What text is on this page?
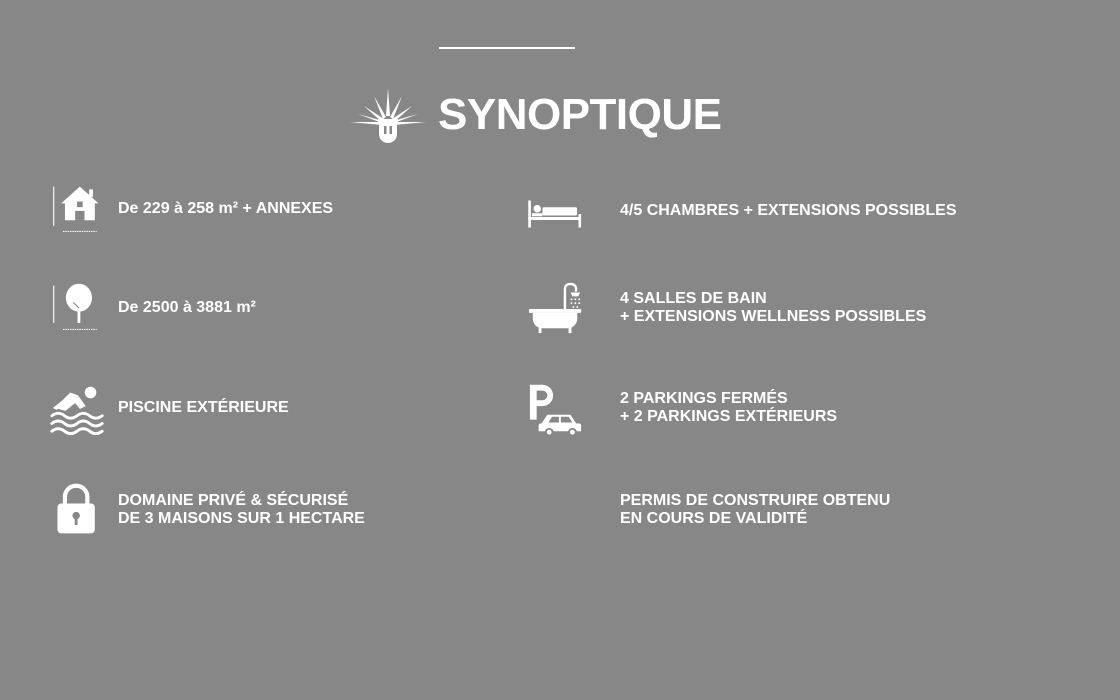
SYNOPTIQUE
De 229 à 258 m² + ANNEXES
De 2500 à 3881 m²
PISCINE EXTÉRIEURE
DOMAINE PRIVÉ & SÉCURISÉ
DE 3 MAISONS SUR 1 HECTARE
4/5 CHAMBRES + EXTENSIONS POSSIBLES
4 SALLES DE BAIN
+ EXTENSIONS WELLNESS POSSIBLES
2 PARKINGS FERMÉS
+ 2 PARKINGS EXTÉRIEURS
PERMIS DE CONSTRUIRE OBTENU
EN COURS DE VALIDITÉ
